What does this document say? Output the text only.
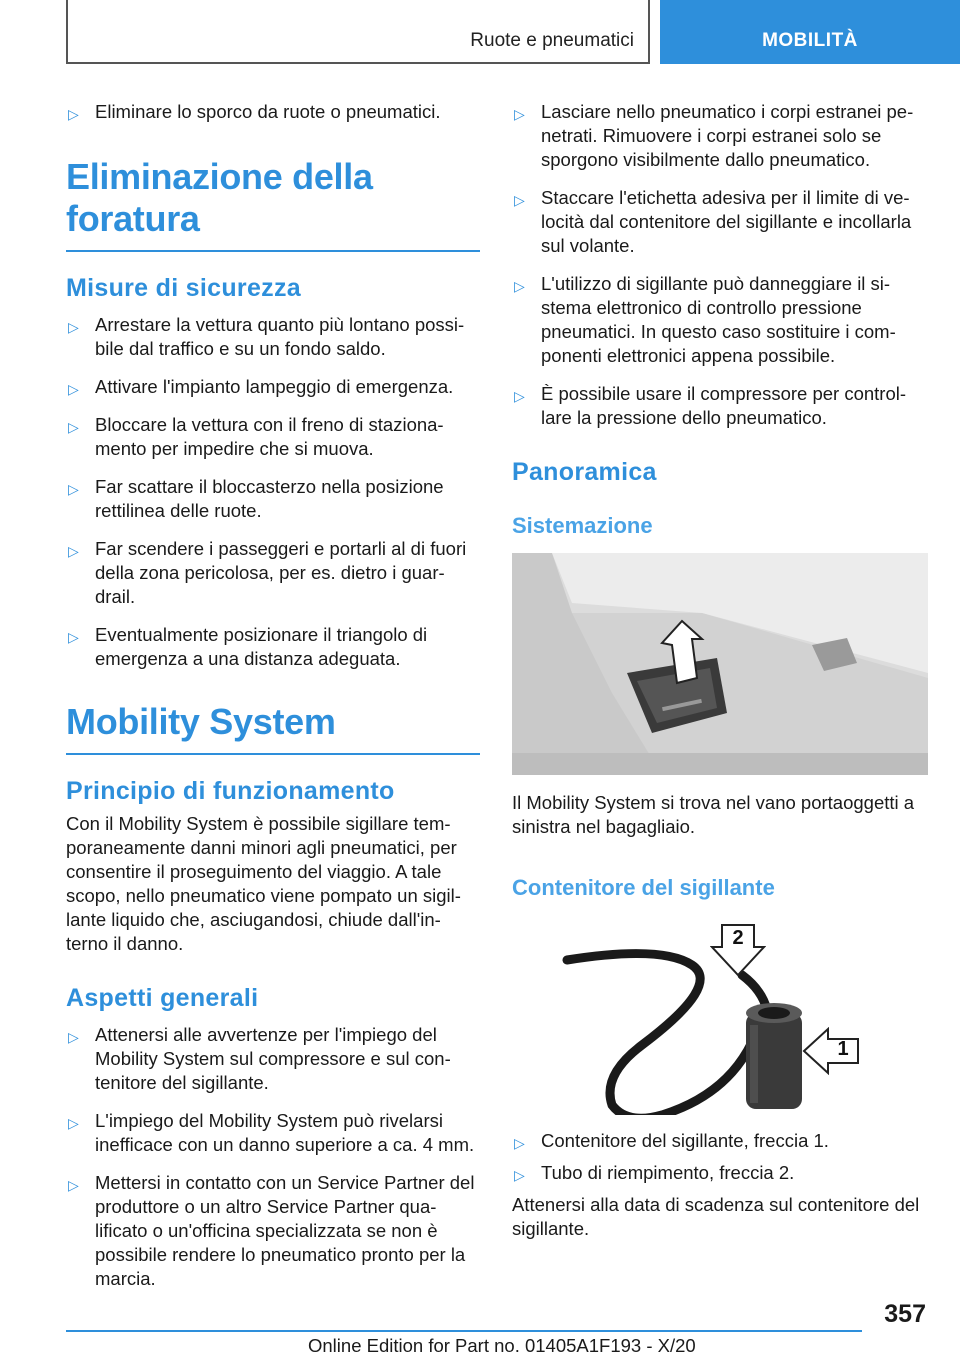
Ruote e pneumatici	MOBILITÀ
▷ Eliminare lo sporco da ruote o pneumatici.
Eliminazione della foratura
Misure di sicurezza
▷ Arrestare la vettura quanto più lontano possi-bile dal traffico e su un fondo saldo.
▷ Attivare l'impianto lampeggio di emergenza.
▷ Bloccare la vettura con il freno di staziona-mento per impedire che si muova.
▷ Far scattare il bloccasterzo nella posizione rettilinea delle ruote.
▷ Far scendere i passeggeri e portarli al di fuori della zona pericolosa, per es. dietro i guar-drail.
▷ Eventualmente posizionare il triangolo di emergenza a una distanza adeguata.
Mobility System
Principio di funzionamento

Con il Mobility System è possibile sigillare tem-poraneamente danni minori agli pneumatici, per consentire il proseguimento del viaggio. A tale scopo, nello pneumatico viene pompato un sigil-lante liquido che, asciugandosi, chiude dall'in-terno il danno.

Aspetti generali
▷ Attenersi alle avvertenze per l'impiego del Mobility System sul compressore e sul con-tenitore del sigillante.
▷ L'impiego del Mobility System può rivelarsi inefficace con un danno superiore a ca. 4 mm.
▷ Mettersi in contatto con un Service Partner del produttore o un altro Service Partner qua-lificato o un'officina specializzata se non è possibile rendere lo pneumatico pronto per la marcia.
▷ Lasciare nello pneumatico i corpi estranei pe-netrati. Rimuovere i corpi estranei solo se sporgono visibilmente dallo pneumatico.
▷ Staccare l'etichetta adesiva per il limite di ve-locità dal contenitore del sigillante e incollarla sul volante.
▷ L'utilizzo di sigillante può danneggiare il si-stema elettronico di controllo pressione pneumatici. In questo caso sostituire i com-ponenti elettronici appena possibile.
▷ È possibile usare il compressore per control-lare la pressione dello pneumatico.
Panoramica
Sistemazione

Il Mobility System si trova nel vano portaoggetti a sinistra nel bagagliaio.

Contenitore del sigillante
2
1
▷ Contenitore del sigillante, freccia 1.
▷ Tubo di riempimento, freccia 2.

Attenersi alla data di scadenza sul contenitore del sigillante.

357
Online Edition for Part no. 01405A1F193 - X/20
